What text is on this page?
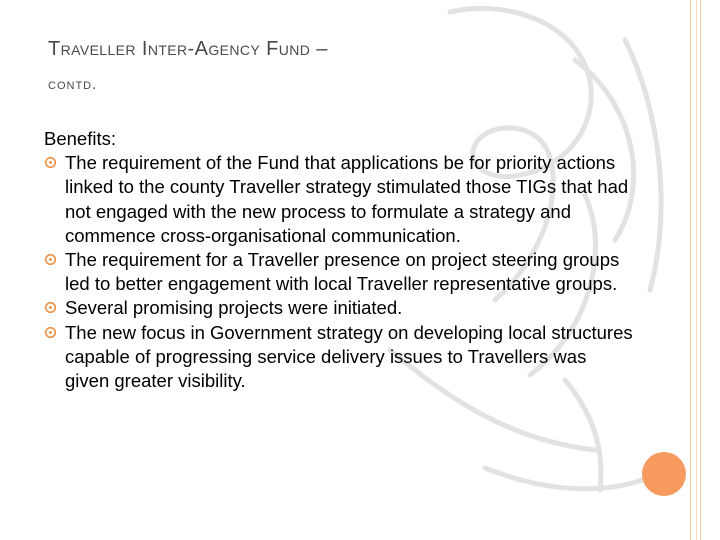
Traveller Inter-Agency Fund –
contd.
Benefits:
The requirement of the Fund that applications be for priority actions linked to the county Traveller strategy stimulated those TIGs that had not engaged with the new process to formulate a strategy and commence cross-organisational communication.
The requirement for a Traveller presence on project steering groups led to better engagement with local Traveller representative groups.
Several promising projects were initiated.
The new focus in Government strategy on developing local structures capable of progressing service delivery issues to Travellers was given greater visibility.
